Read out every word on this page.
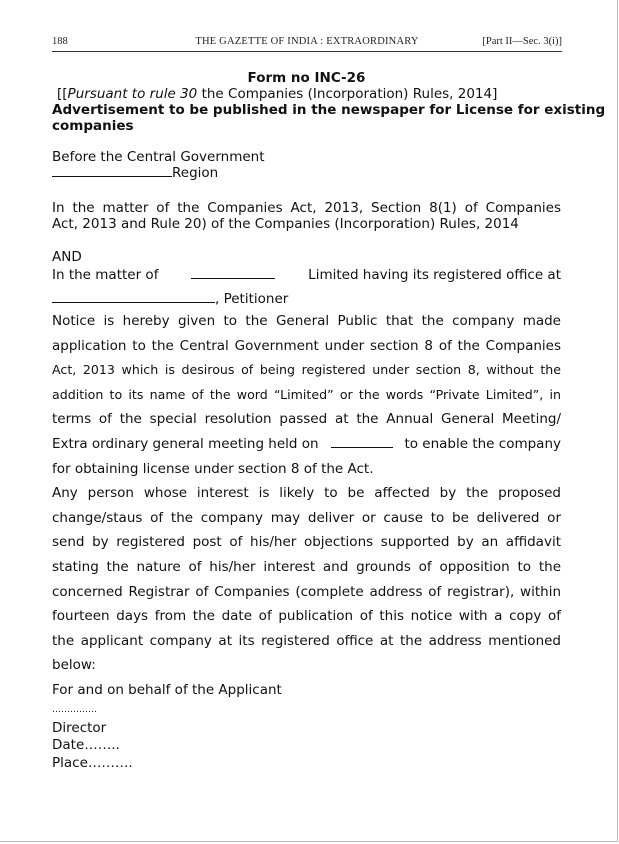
188	THE GAZETTE OF INDIA : EXTRAORDINARY	[Part II—Sec. 3(i)]
Form no INC-26
[[Pursuant to rule 30 the Companies (Incorporation) Rules, 2014]
Advertisement to be published in the newspaper for License for existing
companies
Before the Central Government
Region
In the matter of the Companies Act, 2013, Section 8(1) of Companies
Act, 2013 and Rule 20) of the Companies (Incorporation) Rules, 2014
AND
In the matter of	Limited having its registered office at
, Petitioner
Notice is hereby given to the General Public that the company made
application to the Central Government under section 8 of the Companies
Act, 2013 which is desirous of being registered under section 8, without the
addition to its name of the word “Limited” or the words “Private Limited”, in
terms of the special resolution passed at the Annual General Meeting/
Extra ordinary general meeting held on	to enable the company
for obtaining license under section 8 of the Act.
Any person whose interest is likely to be affected by the proposed
change/staus of the company may deliver or cause to be delivered or
send by registered post of his/her objections supported by an affidavit
stating the nature of his/her interest and grounds of opposition to the
concerned Registrar of Companies (complete address of registrar), within
fourteen days from the date of publication of this notice with a copy of
the applicant company at its registered office at the address mentioned
below:
For and on behalf of the Applicant
……………
Director
Date……..
Place……….
